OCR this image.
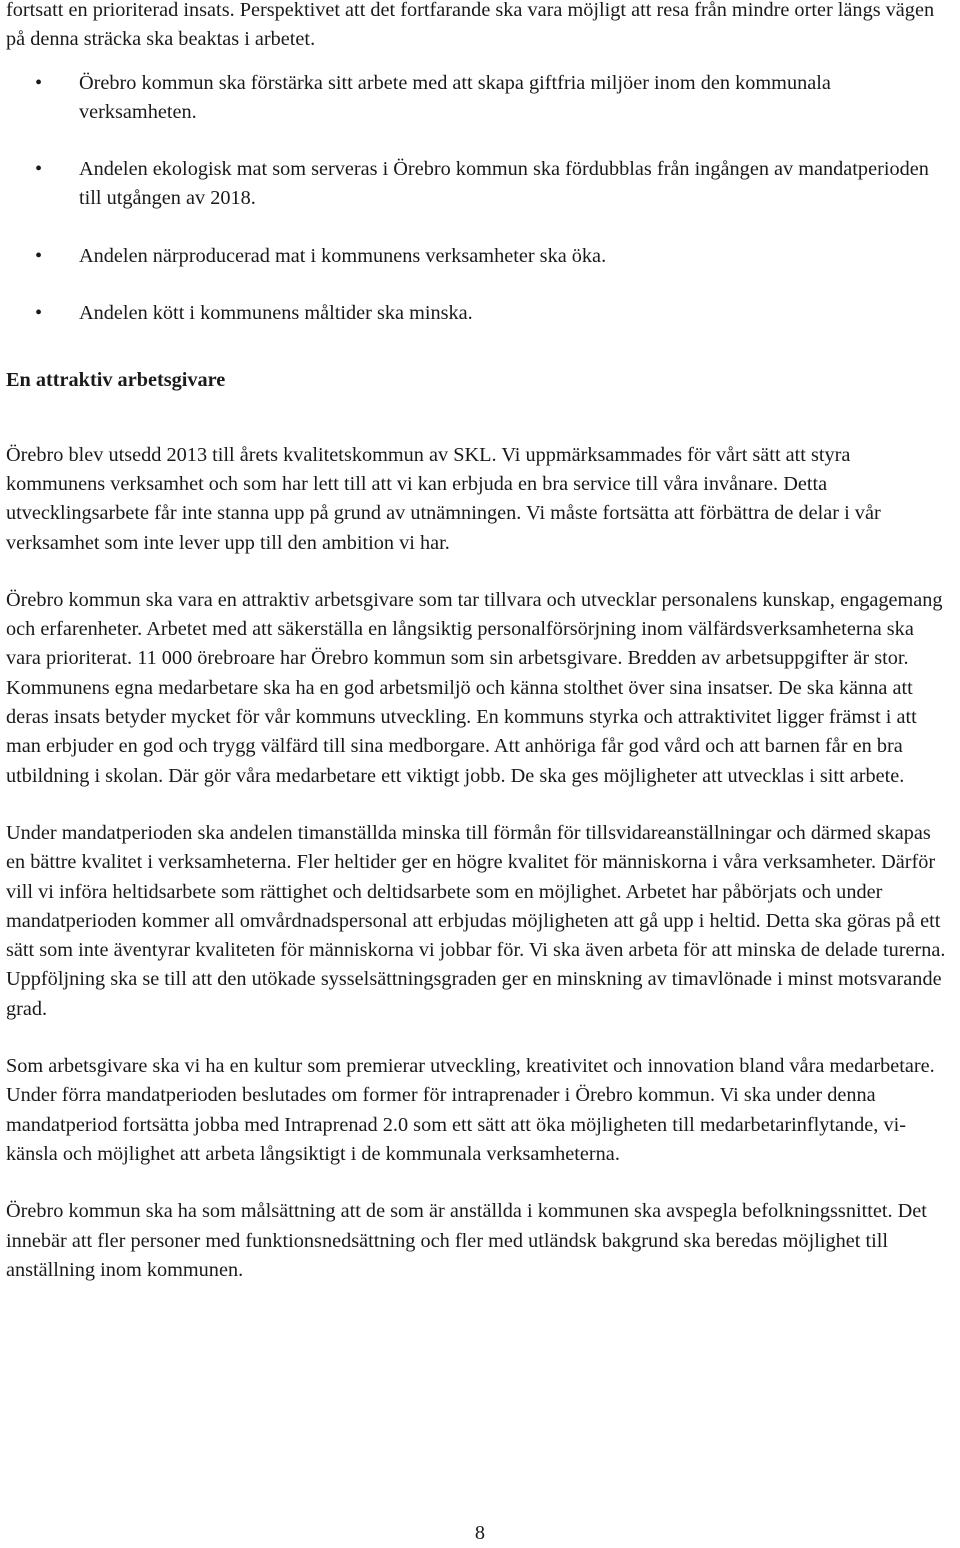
fortsatt en prioriterad insats. Perspektivet att det fortfarande ska vara möjligt att resa från mindre orter längs vägen på denna sträcka ska beaktas i arbetet.

• Örebro kommun ska förstärka sitt arbete med att skapa giftfria miljöer inom den kommunala verksamheten.
• Andelen ekologisk mat som serveras i Örebro kommun ska fördubblas från ingången av mandatperioden till utgången av 2018.
• Andelen närproducerad mat i kommunens verksamheter ska öka.
• Andelen kött i kommunens måltider ska minska.
En attraktiv arbetsgivare

Örebro blev utsedd 2013 till årets kvalitetskommun av SKL. Vi uppmärksammades för vårt sätt att styra kommunens verksamhet och som har lett till att vi kan erbjuda en bra service till våra invånare. Detta utvecklingsarbete får inte stanna upp på grund av utnämningen. Vi måste fortsätta att förbättra de delar i vår verksamhet som inte lever upp till den ambition vi har.

Örebro kommun ska vara en attraktiv arbetsgivare som tar tillvara och utvecklar personalens kunskap, engagemang och erfarenheter. Arbetet med att säkerställa en långsiktig personalförsörjning inom välfärdsverksamheterna ska vara prioriterat. 11 000 örebroare har Örebro kommun som sin arbetsgivare. Bredden av arbetsuppgifter är stor. Kommunens egna medarbetare ska ha en god arbetsmiljö och känna stolthet över sina insatser. De ska känna att deras insats betyder mycket för vår kommuns utveckling. En kommuns styrka och attraktivitet ligger främst i att man erbjuder en god och trygg välfärd till sina medborgare. Att anhöriga får god vård och att barnen får en bra utbildning i skolan. Där gör våra medarbetare ett viktigt jobb. De ska ges möjligheter att utvecklas i sitt arbete.

Under mandatperioden ska andelen timanställda minska till förmån för tillsvidareanställningar och därmed skapas en bättre kvalitet i verksamheterna. Fler heltider ger en högre kvalitet för människorna i våra verksamheter. Därför vill vi införa heltidsarbete som rättighet och deltidsarbete som en möjlighet. Arbetet har påbörjats och under mandatperioden kommer all omvårdnadspersonal att erbjudas möjligheten att gå upp i heltid. Detta ska göras på ett sätt som inte äventyrar kvaliteten för människorna vi jobbar för. Vi ska även arbeta för att minska de delade turerna. Uppföljning ska se till att den utökade sysselsättningsgraden ger en minskning av timavlönade i minst motsvarande grad.

Som arbetsgivare ska vi ha en kultur som premierar utveckling, kreativitet och innovation bland våra medarbetare. Under förra mandatperioden beslutades om former för intraprenader i Örebro kommun. Vi ska under denna mandatperiod fortsätta jobba med Intraprenad 2.0 som ett sätt att öka möjligheten till medarbetarinflytande, vi-känsla och möjlighet att arbeta långsiktigt i de kommunala verksamheterna.

Örebro kommun ska ha som målsättning att de som är anställda i kommunen ska avspegla befolkningssnittet. Det innebär att fler personer med funktionsnedsättning och fler med utländsk bakgrund ska beredas möjlighet till anställning inom kommunen.

8
